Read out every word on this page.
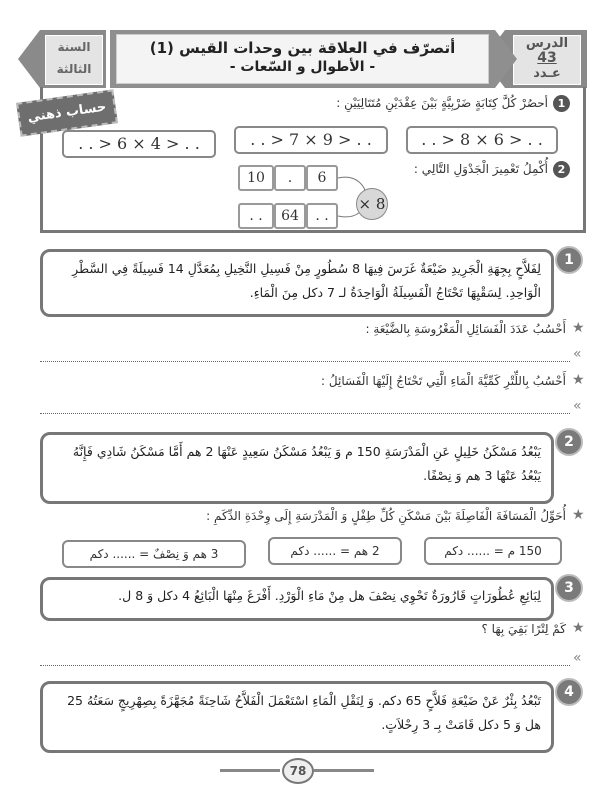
الدرس
43
عـدد
أتصرّف في العلاقة بين وحدات القيس (1)
- الأطوال و السّعات -
السنة
الثالثة
حساب ذهني	1
أحصُرْ كُلَّ كِتَابَةٍ ضَرْبِيَّةٍ بَيْنَ عِقْدَيْنِ مُتَتَالِيَيْنِ :
. . > 8 × 6 > . .
. . > 7 × 9 > . .
. . > 6 × 4 > . .
2
أُكْمِلُ تَعْمِيرَ الْجَدْوَلِ التَّالِي :
6
.
10
. .
64
. .
× 8
1
لِفَلاَّحٍ بِجِهَةِ الْجَرِيدِ ضَيْعَةٌ غَرَسَ فِيهَا 8 سُطُورٍ مِنْ فَسِيلِ النَّخِيلِ بِمُعَدَّلِ 14 فَسِيلَةً فِي السَّطْرِ الْوَاحِدِ. لِسَقْيِهَا تَحْتَاجُ الْفَسِيلَةُ الْوَاحِدَةُ لـ 7 دكل مِنَ الْمَاءِ.
★
أَحْسُبُ عَدَدَ الْفَسَائِلِ الْمَغْرُوسَةِ بِالضَّيْعَةِ :
«
★
أَحْسُبُ بِاللِّتْرِ كَمِّيَّةَ الْمَاءِ الَّتِي تَحْتَاجُ إِلَيْهَا الْفَسَائِلُ :
«
2
يَبْعُدُ مَسْكَنُ خَلِيلٍ عَنِ الْمَدْرَسَةِ 150 م وَ يَبْعُدُ مَسْكَنُ سَعِيدٍ عَنْهَا 2 هم أَمَّا مَسْكَنُ شَادِي فَإِنَّهُ يَبْعُدُ عَنْهَا 3 هم وَ نِصْفًا.
★
أُحَوِّلُ الْمَسَافَةَ الْفَاصِلَةَ بَيْنَ مَسْكَنِ كُلِّ طِفْلٍ وَ الْمَدْرَسَةِ إِلَى وِحْدَةِ الدِّكَمِ :
150 م = ...... دكم
2 هم = ...... دكم
3 هم وَ نِصْفٌ = ...... دكم
3
لِبَائِعِ عُطُورَاتٍ قَارُورَةٌ تَحْوِي نِصْفَ هل مِنْ مَاءِ الْوَرْدِ. أَفْرَغَ مِنْهَا الْبَائِعُ 4 دكل وَ 8 ل.
★
كَمْ لِتْرًا بَقِيَ بِهَا ؟
«
4
تَبْعُدُ بِئْرٌ عَنْ ضَيْعَةِ فَلاَّحٍ 65 دكم. وَ لِنَقْلِ الْمَاءِ اسْتَعْمَلَ الْفَلاَّحُ شَاحِنَةً مُجَهَّزَةً بِصِهْرِيجٍ سَعَتُهُ 25 هل وَ 5 دكل قَامَتْ بِـ 3 رِحْلاَتٍ.
78
